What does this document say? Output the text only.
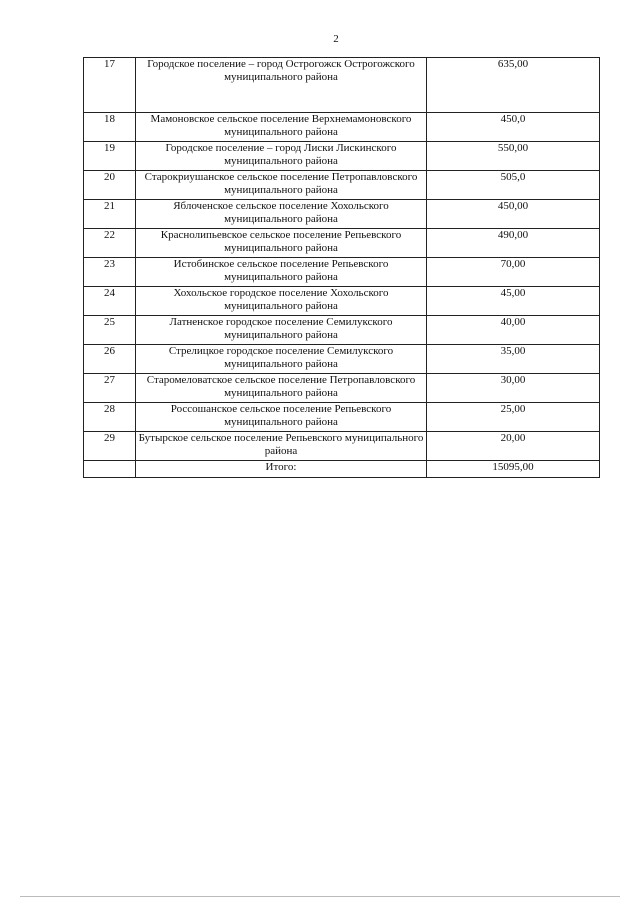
2
17	Городское поселение – город Острогожск Острогожского муниципального района	635,00
18	Мамоновское сельское поселение Верхнемамоновского муниципального района	450,0
19	Городское поселение – город Лиски Лискинского муниципального района	550,00
20	Старокриушанское сельское поселение Петропавловского муниципального района	505,0
21	Яблоченское сельское поселение Хохольского муниципального района	450,00
22	Краснолипьевское сельское поселение Репьевского муниципального района	490,00
23	Истобинское сельское поселение Репьевского муниципального района	70,00
24	Хохольское городское поселение Хохольского муниципального района	45,00
25	Латненское городское поселение Семилукского муниципального района	40,00
26	Стрелицкое городское поселение Семилукского муниципального района	35,00
27	Старомеловатское сельское поселение Петропавловского муниципального района	30,00
28	Россошанское сельское поселение Репьевского муниципального района	25,00
29	Бутырское сельское поселение Репьевского муниципального района	20,00
	Итого:	15095,00
